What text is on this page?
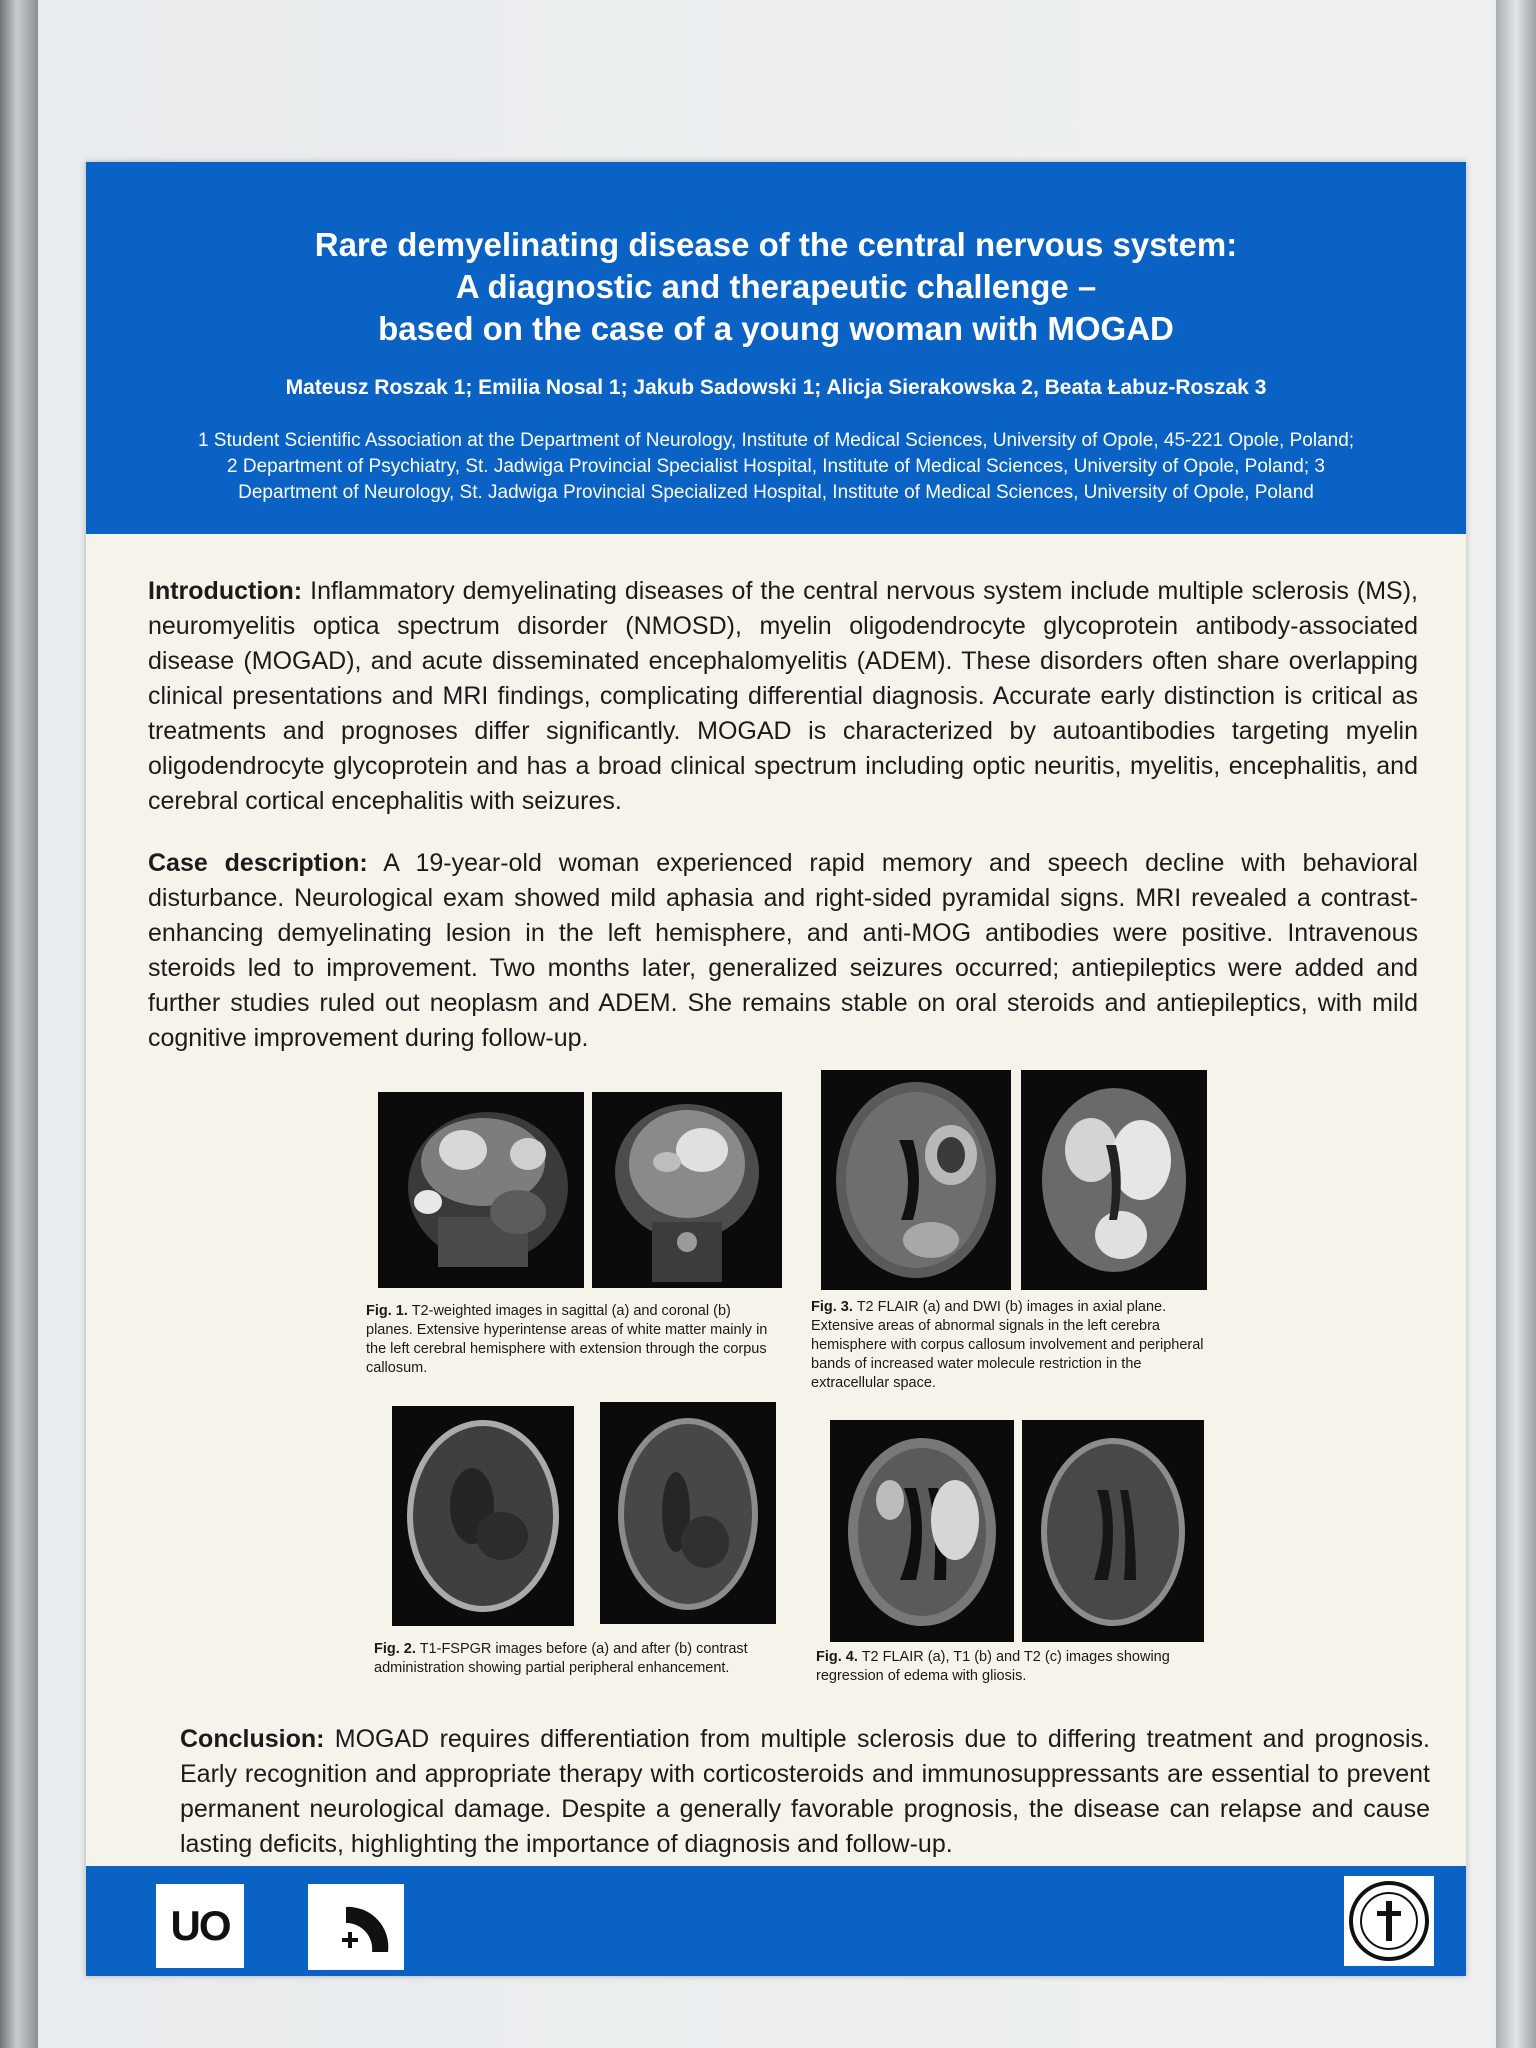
Rare demyelinating disease of the central nervous system:
A diagnostic and therapeutic challenge –
based on the case of a young woman with MOGAD
Mateusz Roszak 1; Emilia Nosal 1; Jakub Sadowski 1; Alicja Sierakowska 2, Beata Łabuz-Roszak 3
1 Student Scientific Association at the Department of Neurology, Institute of Medical Sciences, University of Opole, 45-221 Opole, Poland;
2 Department of Psychiatry, St. Jadwiga Provincial Specialist Hospital, Institute of Medical Sciences, University of Opole, Poland; 3
Department of Neurology, St. Jadwiga Provincial Specialized Hospital, Institute of Medical Sciences, University of Opole, Poland
Introduction: Inflammatory demyelinating diseases of the central nervous system include multiple sclerosis (MS), neuromyelitis optica spectrum disorder (NMOSD), myelin oligodendrocyte glycoprotein antibody-associated disease (MOGAD), and acute disseminated encephalomyelitis (ADEM). These disorders often share overlapping clinical presentations and MRI findings, complicating differential diagnosis. Accurate early distinction is critical as treatments and prognoses differ significantly. MOGAD is characterized by autoantibodies targeting myelin oligodendrocyte glycoprotein and has a broad clinical spectrum including optic neuritis, myelitis, encephalitis, and cerebral cortical encephalitis with seizures.
Case description: A 19-year-old woman experienced rapid memory and speech decline with behavioral disturbance. Neurological exam showed mild aphasia and right-sided pyramidal signs. MRI revealed a contrast-enhancing demyelinating lesion in the left hemisphere, and anti-MOG antibodies were positive. Intravenous steroids led to improvement. Two months later, generalized seizures occurred; antiepileptics were added and further studies ruled out neoplasm and ADEM. She remains stable on oral steroids and antiepileptics, with mild cognitive improvement during follow-up.
Fig. 1. T2-weighted images in sagittal (a) and coronal (b) planes. Extensive hyperintense areas of white matter mainly in the left cerebral hemisphere with extension through the corpus callosum.
Fig. 3. T2 FLAIR (a) and DWI (b) images in axial plane. Extensive areas of abnormal signals in the left cerebra hemisphere with corpus callosum involvement and peripheral bands of increased water molecule restriction in the extracellular space.
Fig. 2. T1-FSPGR images before (a) and after (b) contrast administration showing partial peripheral enhancement.
Fig. 4. T2 FLAIR (a), T1 (b) and T2 (c) images showing regression of edema with gliosis.
Conclusion: MOGAD requires differentiation from multiple sclerosis due to differing treatment and prognosis. Early recognition and appropriate therapy with corticosteroids and immunosuppressants are essential to prevent permanent neurological damage. Despite a generally favorable prognosis, the disease can relapse and cause lasting deficits, highlighting the importance of diagnosis and follow-up.
UO
